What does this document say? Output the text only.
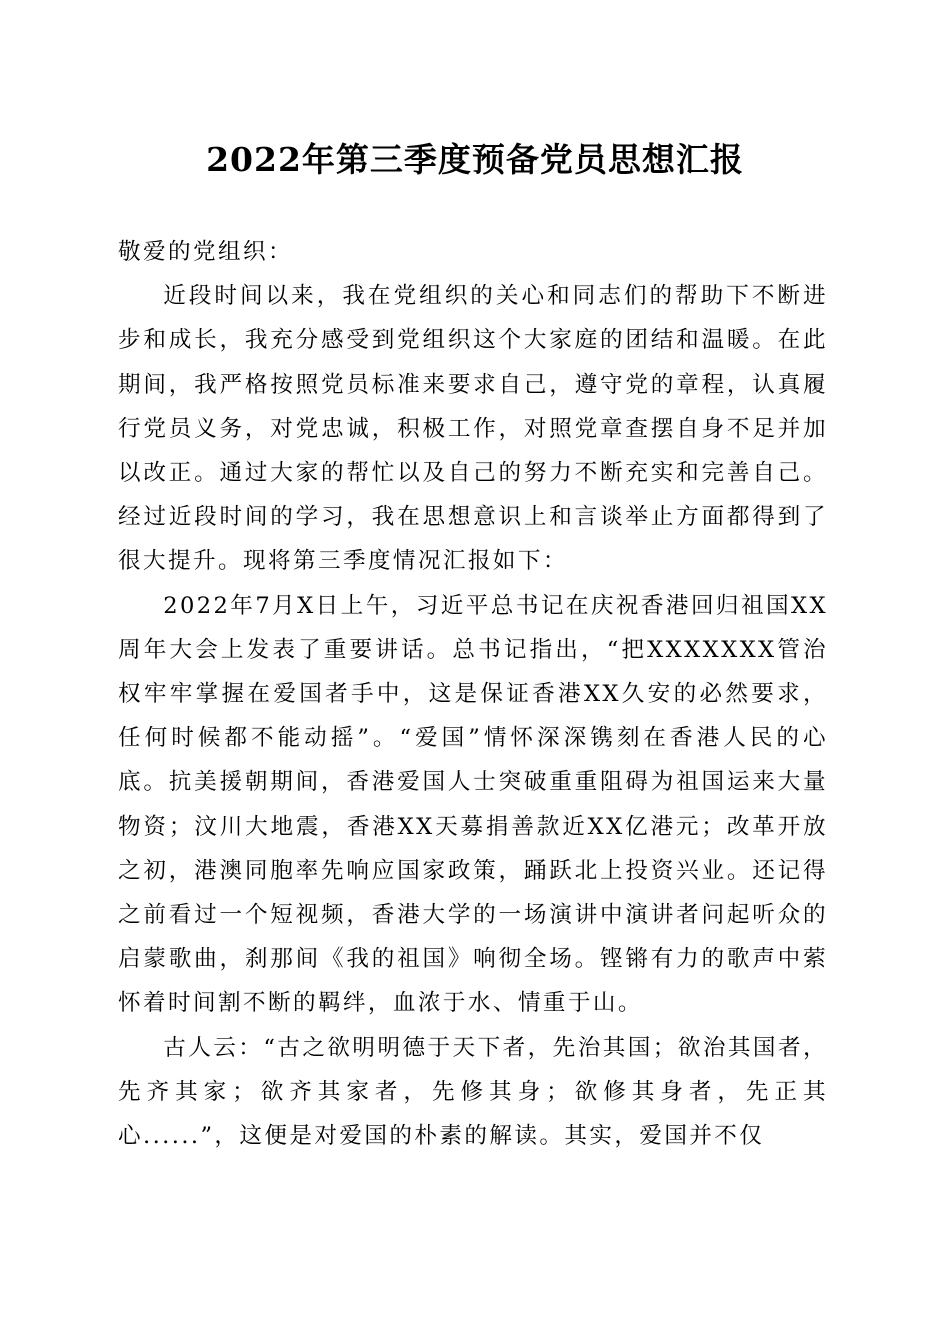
2022年第三季度预备党员思想汇报

敬爱的党组织：

近段时间以来，我在党组织的关心和同志们的帮助下不断进步和成长，我充分感受到党组织这个大家庭的团结和温暖。在此期间，我严格按照党员标准来要求自己，遵守党的章程，认真履行党员义务，对党忠诚，积极工作，对照党章查摆自身不足并加以改正。通过大家的帮忙以及自己的努力不断充实和完善自己。经过近段时间的学习，我在思想意识上和言谈举止方面都得到了很大提升。现将第三季度情况汇报如下：

2022年7月X日上午，习近平总书记在庆祝香港回归祖国XX周年大会上发表了重要讲话。总书记指出，“把XXXXXXX管治权牢牢掌握在爱国者手中，这是保证香港XX久安的必然要求，任何时候都不能动摇”。“爱国”情怀深深镌刻在香港人民的心底。抗美援朝期间，香港爱国人士突破重重阻碍为祖国运来大量物资；汶川大地震，香港XX天募捐善款近XX亿港元；改革开放之初，港澳同胞率先响应国家政策，踊跃北上投资兴业。还记得之前看过一个短视频，香港大学的一场演讲中演讲者问起听众的启蒙歌曲，刹那间《我的祖国》响彻全场。铿锵有力的歌声中萦怀着时间割不断的羁绊，血浓于水、情重于山。

古人云：“古之欲明明德于天下者，先治其国；欲治其国者，先齐其家；欲齐其家者，先修其身；欲修其身者，先正其心......”，这便是对爱国的朴素的解读。其实，爱国并不仅
